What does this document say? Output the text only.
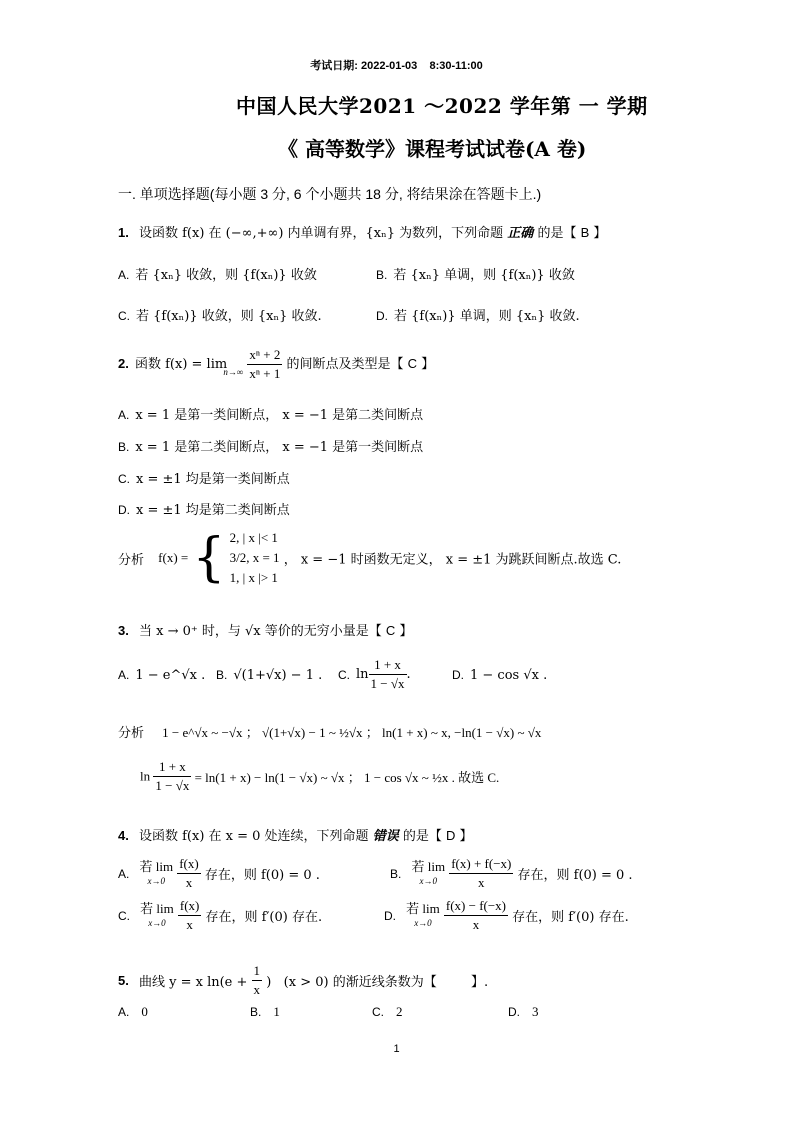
考试日期: 2022-01-03    8:30-11:00
中国人民大学2021 ～2022 学年第 一 学期
《 高等数学》课程考试试卷(A 卷)
一. 单项选择题(每小题 3 分, 6 个小题共 18 分, 将结果涂在答题卡上.)
1. 设函数 f(x) 在 (−∞,+∞) 内单调有界，{xₙ} 为数列，下列命题 正确 的是【 B 】
A. 若 {xₙ} 收敛，则 {f(xₙ)} 收敛	B. 若 {xₙ} 单调，则 {f(xₙ)} 收敛
C. 若 {f(xₙ)} 收敛，则 {xₙ} 收敛.	D. 若 {f(xₙ)} 单调，则 {xₙ} 收敛.
2. 函数 f(x) = lim
n→∞
$\frac{\text{xⁿ + 2}}{\text{xⁿ + 1}}$ 的间断点及类型是【 C 】
A. x = 1 是第一类间断点， x = −1 是第二类间断点
B. x = 1 是第二类间断点， x = −1 是第一类间断点
C. x = ±1 均是第一类间断点
D. x = ±1 均是第二类间断点
分析 f(x) = { 2, | x |< 1
3/2, x = 1
1, | x |> 1
， x = −1 时函数无定义， x = ±1 为跳跃间断点.故选 C.
3. 当 x → 0⁺ 时，与 √x 等价的无穷小量是【 C 】
A. 1 − e^√x . B. √(1+√x) − 1 . C. $\ln \frac{1 + x}{1 - √x}$ .	D. 1 − cos √x .
分析 1 − e^√x ~ −√x ； √(1+√x) − 1 ~ ½√x ； ln(1 + x) ~ x, −ln(1 − √x) ~ √x
$\ln \frac{1 + x}{1 - √x} = \ln(1 + x) - \ln(1 - √x)$ ~ √x ； 1 − cos √x ~ ½x . 故选 C.
4. 设函数 f(x) 在 x = 0 处连续，下列命题 错误 的是【 D 】
A. 若 lim
x→0
$\frac{f(x)}{x}$ 存在，则 f(0) = 0 .	B. 若 lim
x→0
$\frac{f(x) + f(-x)}{x}$ 存在，则 f(0) = 0 .
C. 若 lim
x→0
$\frac{f(x)}{x}$ 存在，则 f′(0) 存在.	D. 若 lim
x→0
$\frac{f(x) - f(-x)}{x}$ 存在，则 f′(0) 存在.
5. 曲线 y = x $\ln(e + \frac{1}{x}$ )   (x > 0) 的渐近线条数为【	】.
A. 0	B. 1	C. 2	D. 3
1
